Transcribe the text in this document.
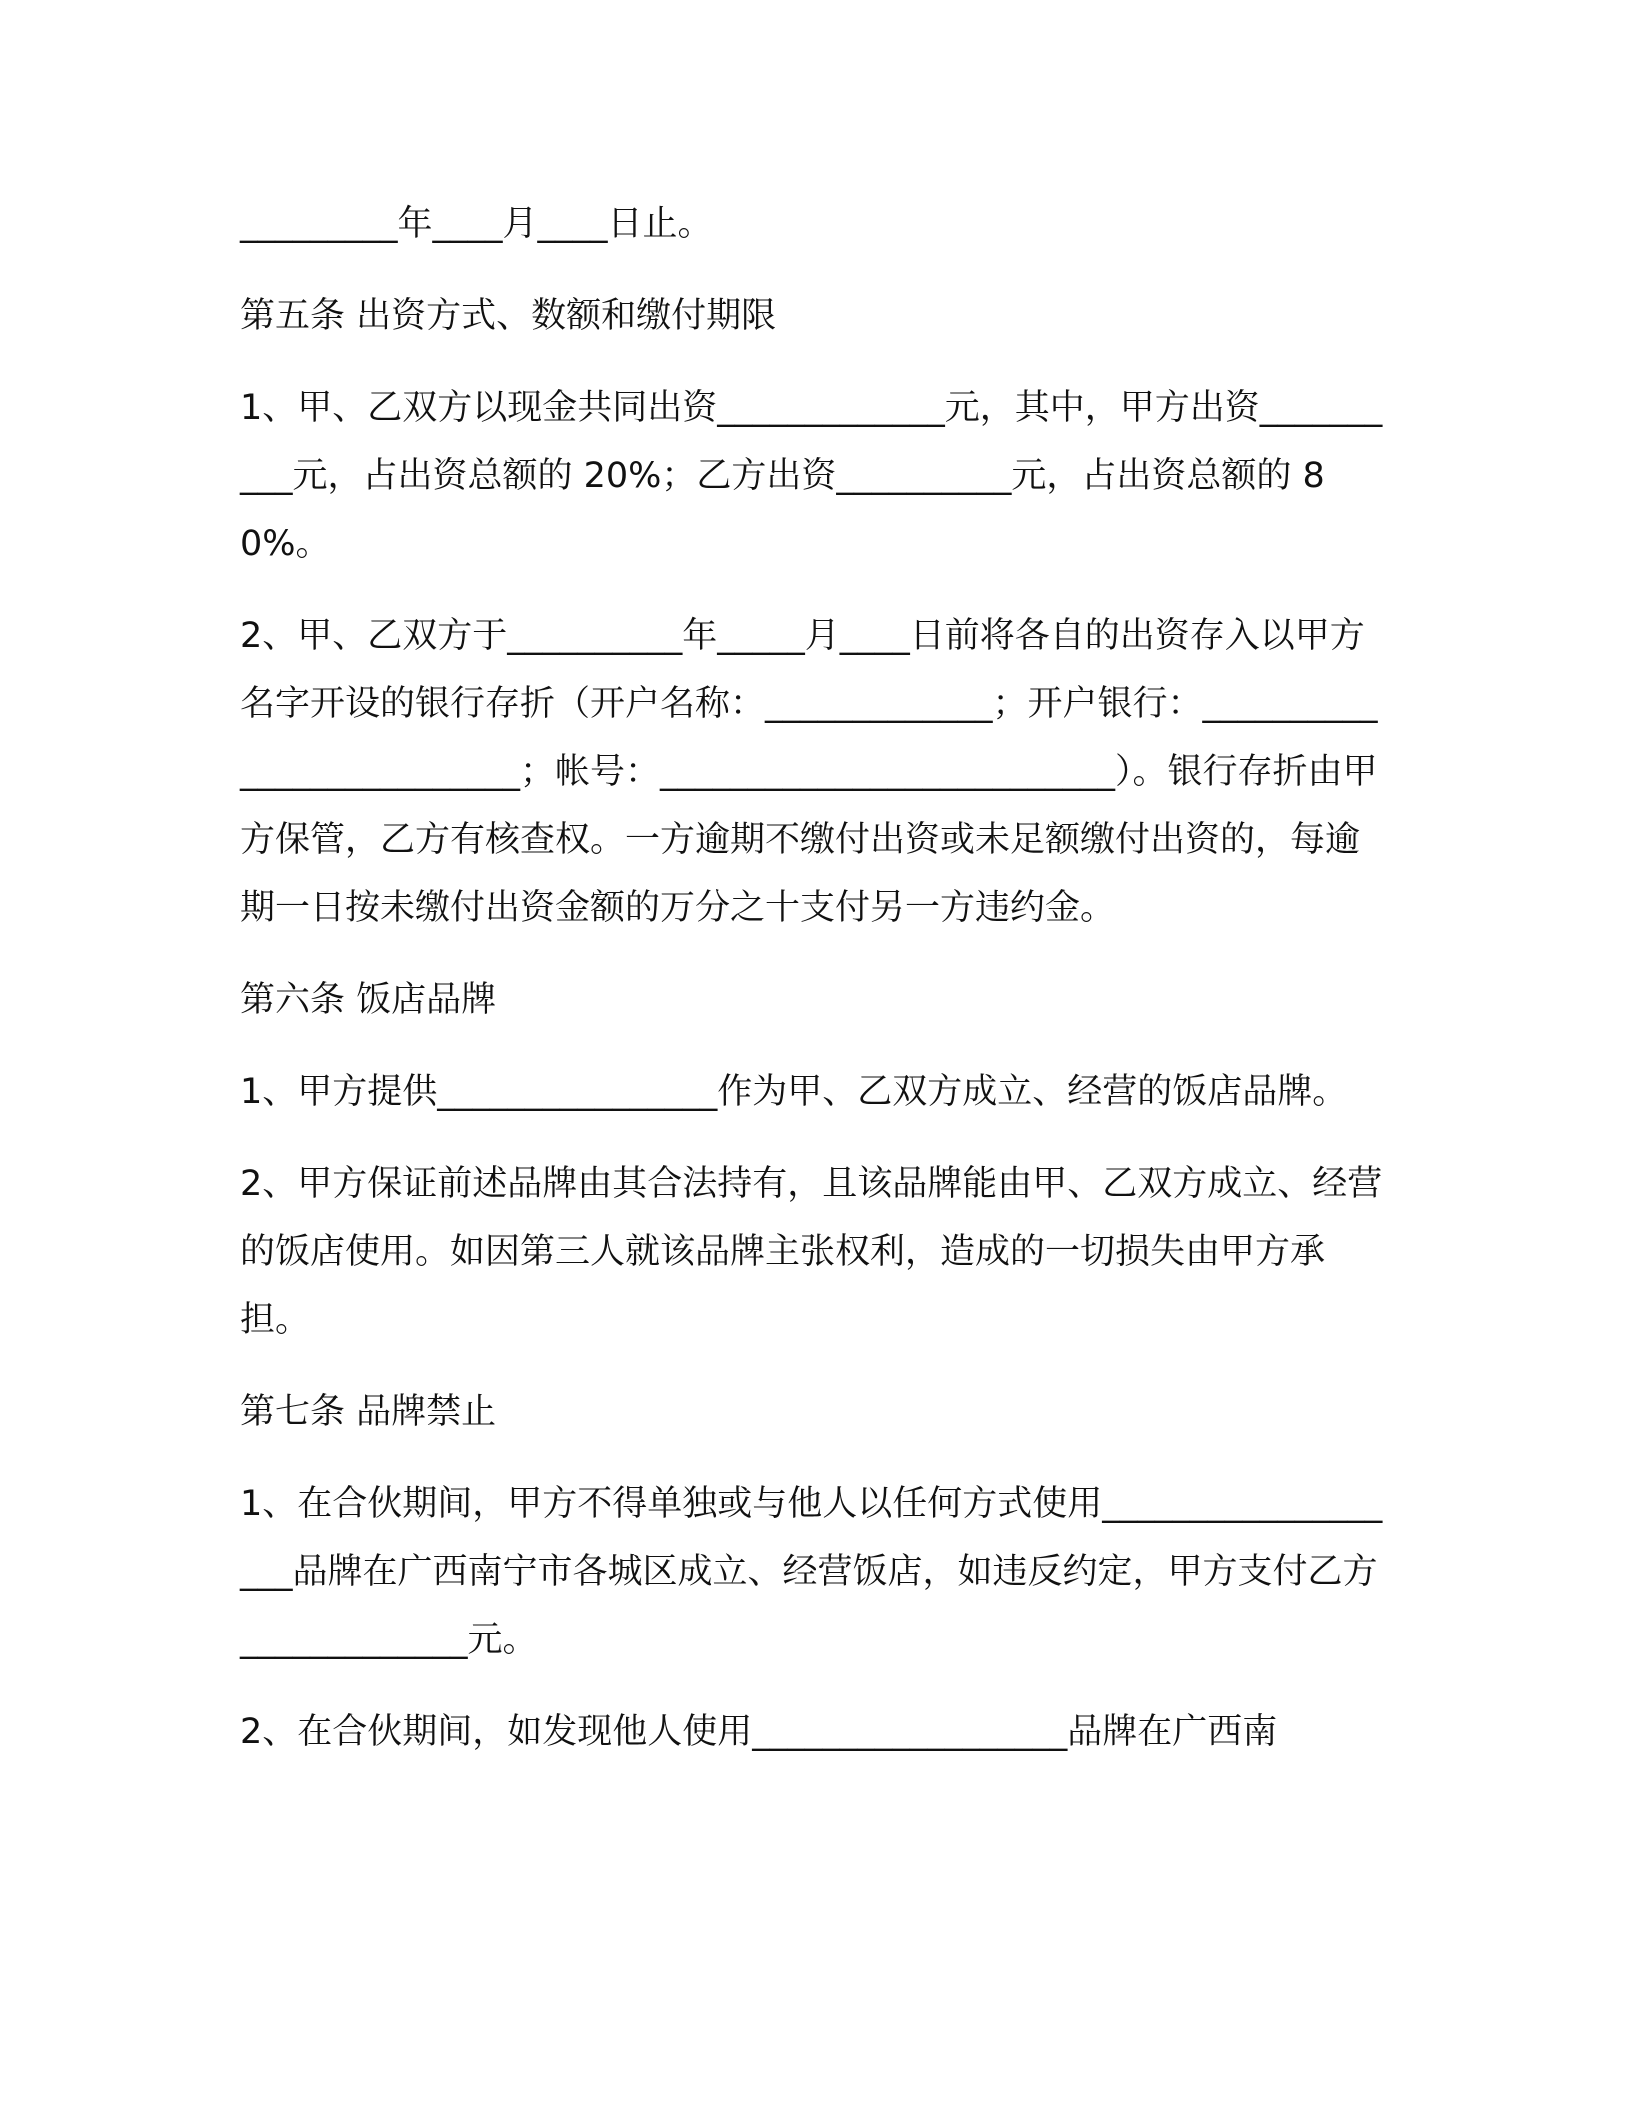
_________年____月____日止。

第五条 出资方式、数额和缴付期限

1、甲、乙双方以现金共同出资_____________元，其中，甲方出资__________元，占出资总额的 20%；乙方出资__________元，占出资总额的 80%。

2、甲、乙双方于__________年_____月____日前将各自的出资存入以甲方名字开设的银行存折（开户名称：_____________；开户银行：__________________________；帐号：__________________________）。银行存折由甲方保管，乙方有核查权。一方逾期不缴付出资或未足额缴付出资的，每逾期一日按未缴付出资金额的万分之十支付另一方违约金。

第六条 饭店品牌

1、甲方提供________________作为甲、乙双方成立、经营的饭店品牌。

2、甲方保证前述品牌由其合法持有，且该品牌能由甲、乙双方成立、经营的饭店使用。如因第三人就该品牌主张权利，造成的一切损失由甲方承担。

第七条 品牌禁止

1、在合伙期间，甲方不得单独或与他人以任何方式使用___________________品牌在广西南宁市各城区成立、经营饭店，如违反约定，甲方支付乙方_____________元。

2、在合伙期间，如发现他人使用__________________品牌在广西南
